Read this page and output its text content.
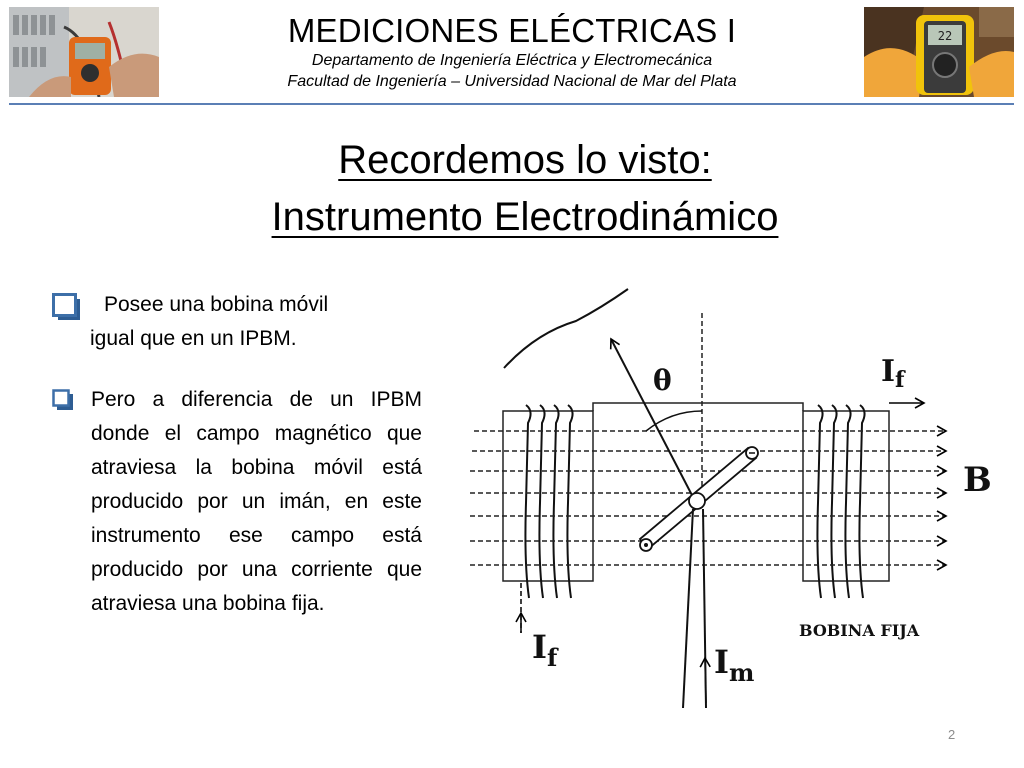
MEDICIONES ELÉCTRICAS I
Departamento de Ingeniería Eléctrica y Electromecánica
Facultad de Ingeniería – Universidad Nacional de Mar del Plata
22
Recordemos lo visto:
Instrumento Electrodinámico
Posee una bobina móvil
igual que en un IPBM.
Pero a diferencia de un IPBM donde el campo magnético que atraviesa la bobina móvil está producido por un imán, en este instrumento ese campo está producido por una corriente que atraviesa una bobina fija.
θ	$I_f$
B
$I_f$	$I_m$
BOBINA FIJA
2
